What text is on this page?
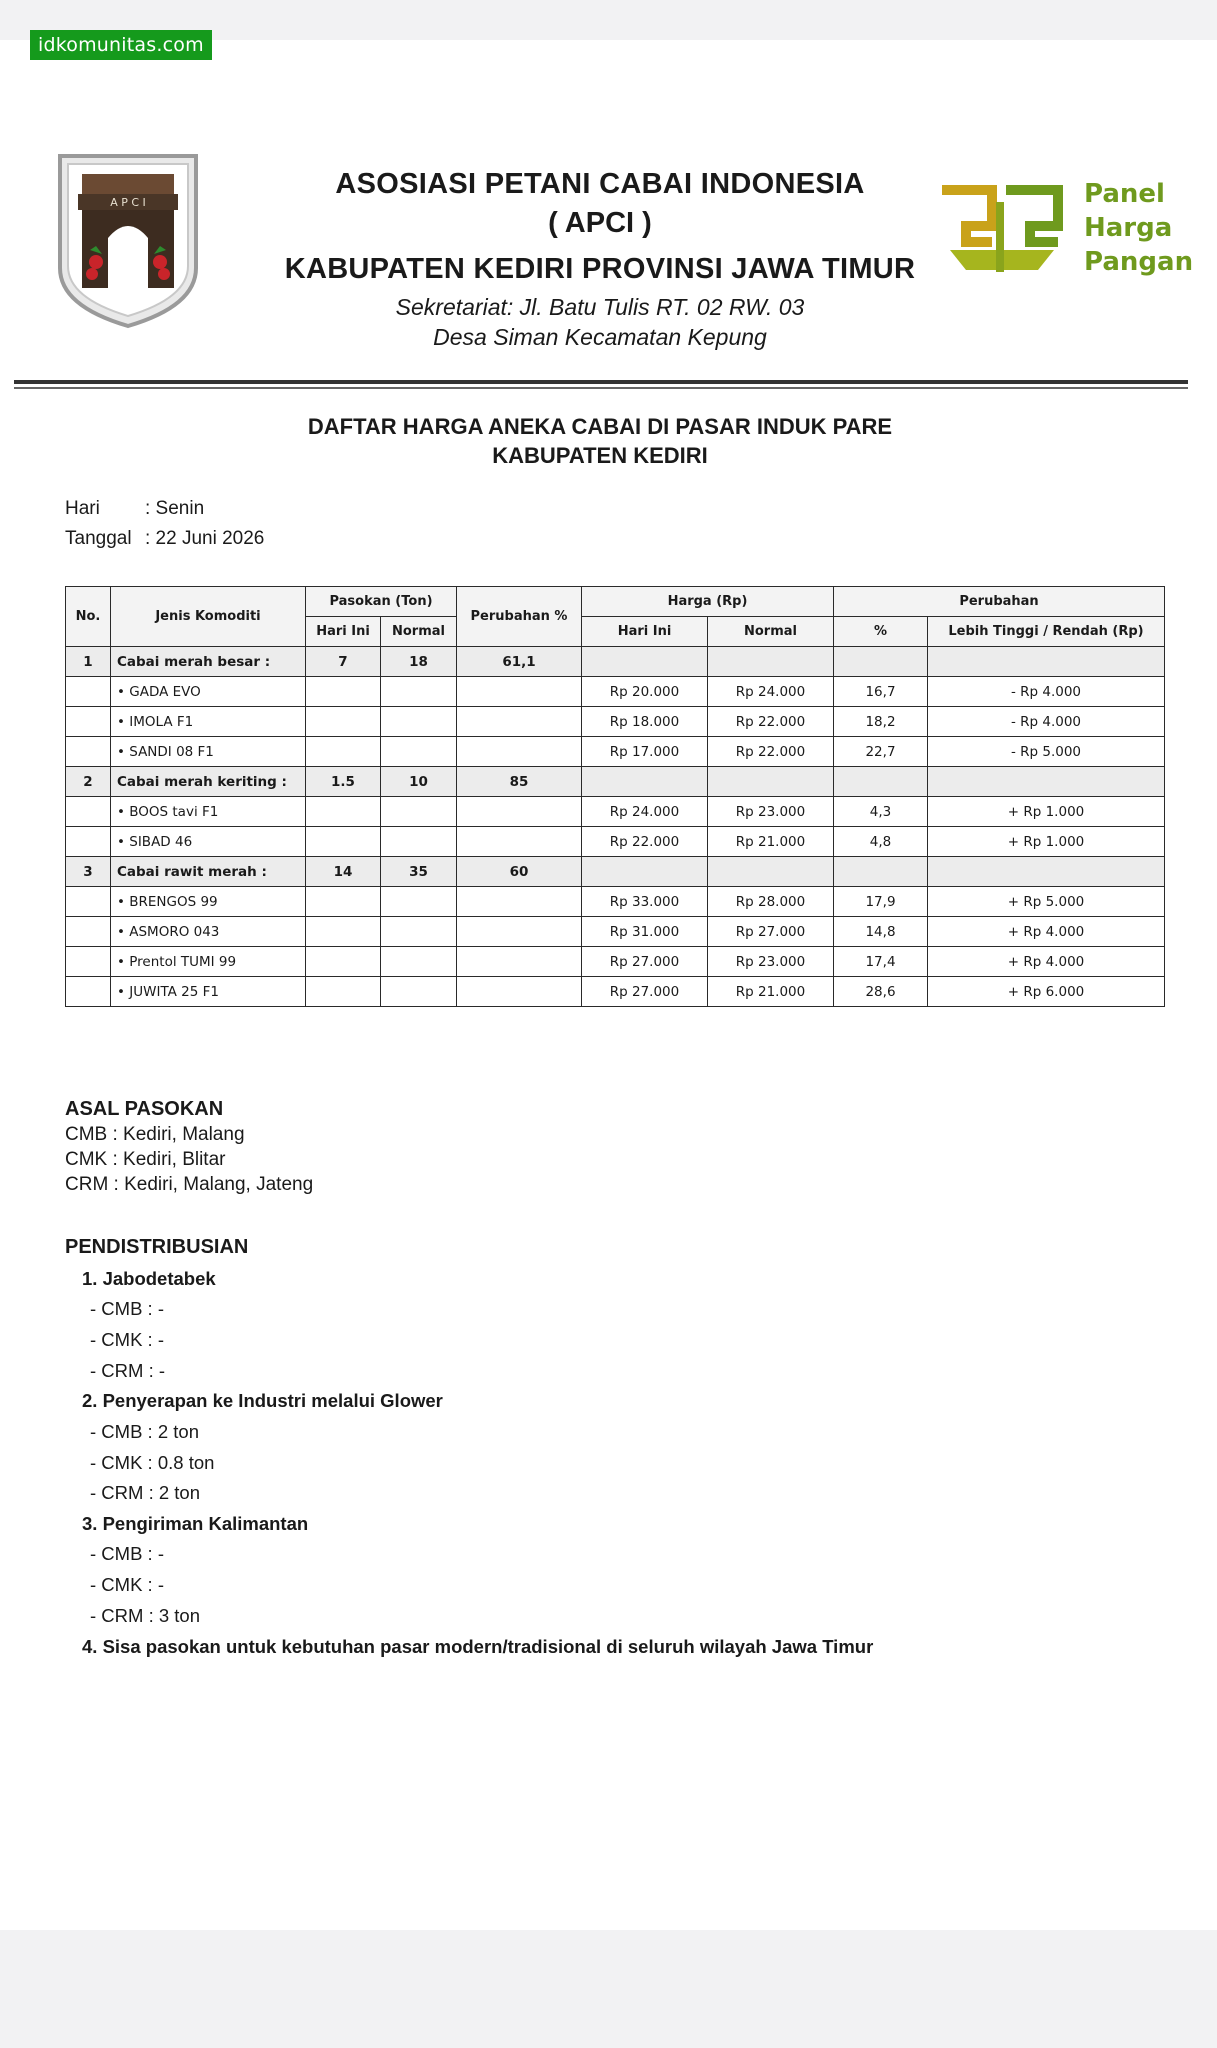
idkomunitas.com
A P C I
ASOSIASI PETANI CABAI INDONESIA
( APCI )
KABUPATEN KEDIRI PROVINSI JAWA TIMUR
Sekretariat: Jl. Batu Tulis RT. 02 RW. 03
Desa Siman Kecamatan Kepung
Panel
Harga
Pangan
DAFTAR HARGA ANEKA CABAI DI PASAR INDUK PARE
KABUPATEN KEDIRI
Hari : Senin
Tanggal : 22 Juni 2026
No.	Jenis Komoditi	Pasokan (Ton)		Perubahan %	Harga (Rp)		Perubahan	
		Hari Ini	Normal		Hari Ini	Normal	%	Lebih Tinggi / Rendah (Rp)
1	Cabai merah besar :	7	18	61,1				
	• GADA EVO				Rp 20.000	Rp 24.000	16,7	- Rp 4.000
	• IMOLA F1				Rp 18.000	Rp 22.000	18,2	- Rp 4.000
	• SANDI 08 F1				Rp 17.000	Rp 22.000	22,7	- Rp 5.000
2	Cabai merah keriting :	1.5	10	85				
	• BOOS tavi F1				Rp 24.000	Rp 23.000	4,3	+ Rp 1.000
	• SIBAD 46				Rp 22.000	Rp 21.000	4,8	+ Rp 1.000
3	Cabai rawit merah :	14	35	60				
	• BRENGOS 99				Rp 33.000	Rp 28.000	17,9	+ Rp 5.000
	• ASMORO 043				Rp 31.000	Rp 27.000	14,8	+ Rp 4.000
	• Prentol TUMI 99				Rp 27.000	Rp 23.000	17,4	+ Rp 4.000
	• JUWITA 25 F1				Rp 27.000	Rp 21.000	28,6	+ Rp 6.000
ASAL PASOKAN
CMB : Kediri, Malang
CMK : Kediri, Blitar
CRM : Kediri, Malang, Jateng
PENDISTRIBUSIAN
1. Jabodetabek
- CMB : -
- CMK : -
- CRM : -
2. Penyerapan ke Industri melalui Glower
- CMB : 2 ton
- CMK : 0.8 ton
- CRM : 2 ton
3. Pengiriman Kalimantan
- CMB : -
- CMK : -
- CRM : 3 ton
4. Sisa pasokan untuk kebutuhan pasar modern/tradisional di seluruh wilayah Jawa Timur
